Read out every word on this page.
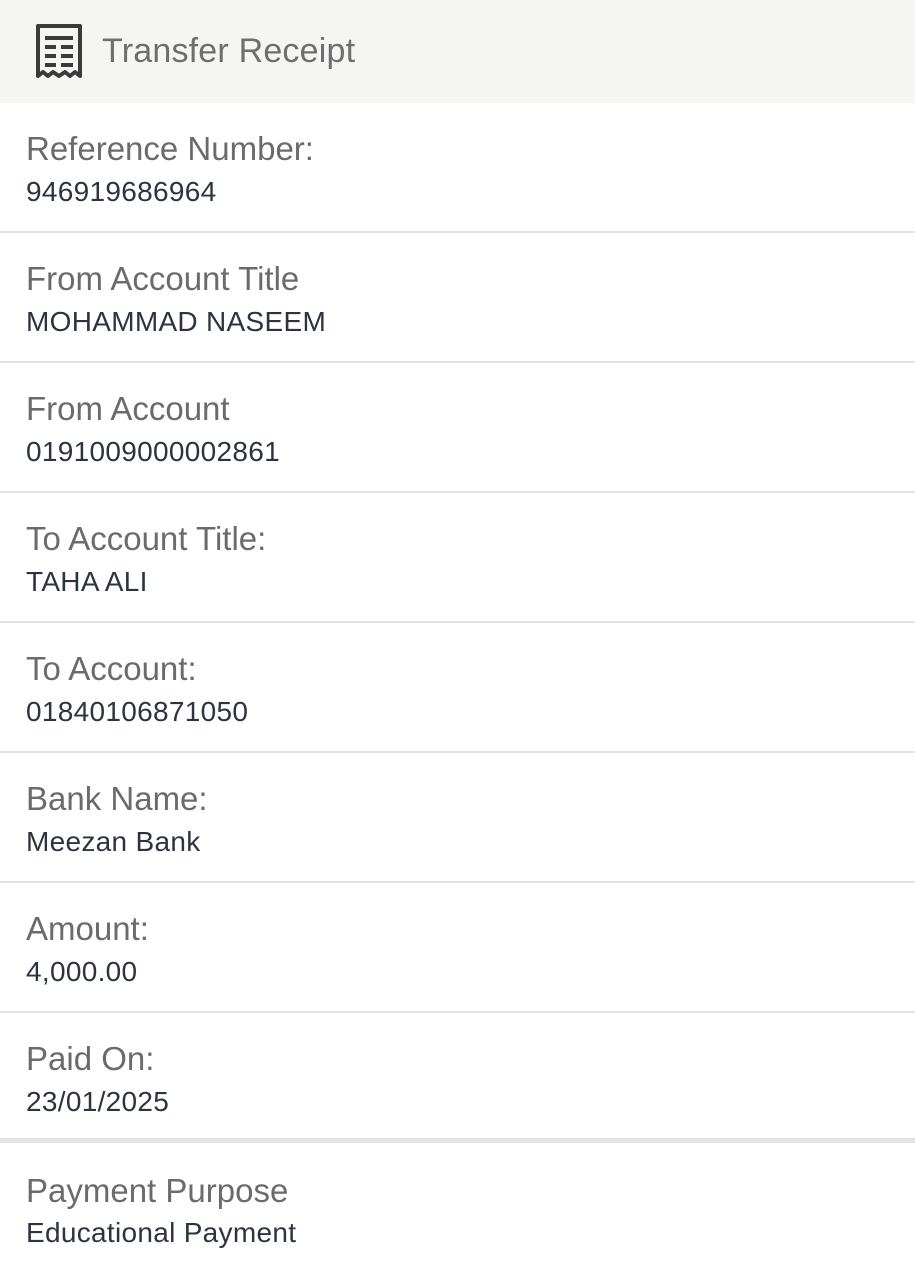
Transfer Receipt
Reference Number:
946919686964
From Account Title
MOHAMMAD NASEEM
From Account
0191009000002861
To Account Title:
TAHA ALI
To Account:
01840106871050
Bank Name:
Meezan Bank
Amount:
4,000.00
Paid On:
23/01/2025
Payment Purpose
Educational Payment
